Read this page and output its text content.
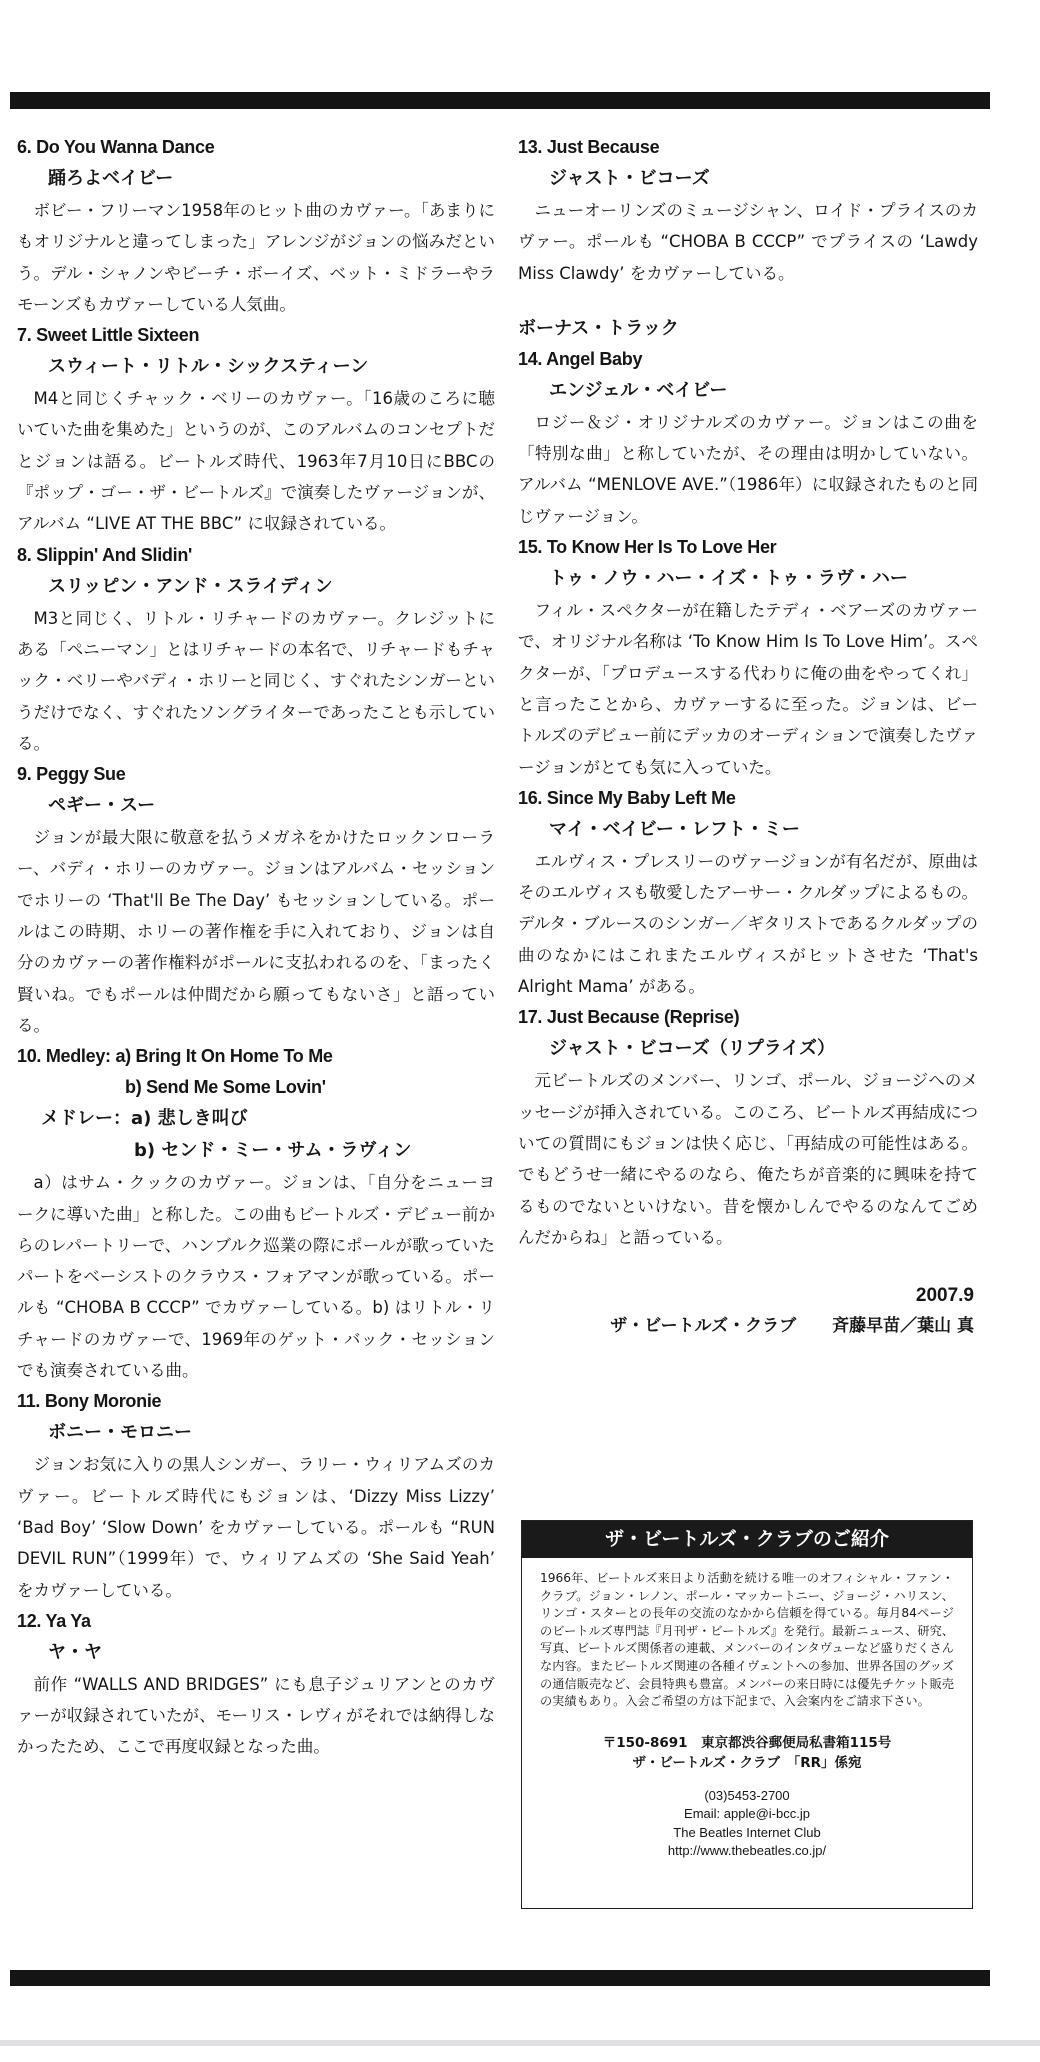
6. Do You Wanna Dance
踊ろよベイビー

ボビー・フリーマン1958年のヒット曲のカヴァー。「あまりにもオリジナルと違ってしまった」アレンジがジョンの悩みだという。デル・シャノンやビーチ・ボーイズ、ベット・ミドラーやラモーンズもカヴァーしている人気曲。

7. Sweet Little Sixteen
スウィート・リトル・シックスティーン

M4と同じくチャック・ベリーのカヴァー。「16歳のころに聴いていた曲を集めた」というのが、このアルバムのコンセプトだとジョンは語る。ビートルズ時代、1963年7月10日にBBCの『ポップ・ゴー・ザ・ビートルズ』で演奏したヴァージョンが、アルバム “LIVE AT THE BBC” に収録されている。

8. Slippin' And Slidin'
スリッピン・アンド・スライディン

M3と同じく、リトル・リチャードのカヴァー。クレジットにある「ペニーマン」とはリチャードの本名で、リチャードもチャック・ベリーやバディ・ホリーと同じく、すぐれたシンガーというだけでなく、すぐれたソングライターであったことも示している。

9. Peggy Sue
ペギー・スー

ジョンが最大限に敬意を払うメガネをかけたロックンローラー、バディ・ホリーのカヴァー。ジョンはアルバム・セッションでホリーの ‘That'll Be The Day’ もセッションしている。ポールはこの時期、ホリーの著作権を手に入れており、ジョンは自分のカヴァーの著作権料がポールに支払われるのを、「まったく賢いね。でもポールは仲間だから願ってもないさ」と語っている。

10. Medley: a) Bring It On Home To Me
b) Send Me Some Lovin'
メドレー：a) 悲しき叫び
b) センド・ミー・サム・ラヴィン

a）はサム・クックのカヴァー。ジョンは、「自分をニューヨークに導いた曲」と称した。この曲もビートルズ・デビュー前からのレパートリーで、ハンブルク巡業の際にポールが歌っていたパートをベーシストのクラウス・フォアマンが歌っている。ポールも “CHOBA B CCCP” でカヴァーしている。b) はリトル・リチャードのカヴァーで、1969年のゲット・バック・セッションでも演奏されている曲。

11. Bony Moronie
ボニー・モロニー

ジョンお気に入りの黒人シンガー、ラリー・ウィリアムズのカヴァー。ビートルズ時代にもジョンは、‘Dizzy Miss Lizzy’ ‘Bad Boy’ ‘Slow Down’ をカヴァーしている。ポールも “RUN DEVIL RUN”（1999年）で、ウィリアムズの ‘She Said Yeah’ をカヴァーしている。

12. Ya Ya
ヤ・ヤ

前作 “WALLS AND BRIDGES” にも息子ジュリアンとのカヴァーが収録されていたが、モーリス・レヴィがそれでは納得しなかったため、ここで再度収録となった曲。

13. Just Because
ジャスト・ビコーズ

ニューオーリンズのミュージシャン、ロイド・プライスのカヴァー。ポールも “CHOBA B CCCP” でプライスの ‘Lawdy Miss Clawdy’ をカヴァーしている。

ボーナス・トラック
14. Angel Baby
エンジェル・ベイビー

ロジー＆ジ・オリジナルズのカヴァー。ジョンはこの曲を「特別な曲」と称していたが、その理由は明かしていない。アルバム “MENLOVE AVE.”（1986年）に収録されたものと同じヴァージョン。

15. To Know Her Is To Love Her
トゥ・ノウ・ハー・イズ・トゥ・ラヴ・ハー

フィル・スペクターが在籍したテディ・ベアーズのカヴァーで、オリジナル名称は ‘To Know Him Is To Love Him’。スペクターが、「プロデュースする代わりに俺の曲をやってくれ」と言ったことから、カヴァーするに至った。ジョンは、ビートルズのデビュー前にデッカのオーディションで演奏したヴァージョンがとても気に入っていた。

16. Since My Baby Left Me
マイ・ベイビー・レフト・ミー

エルヴィス・プレスリーのヴァージョンが有名だが、原曲はそのエルヴィスも敬愛したアーサー・クルダップによるもの。デルタ・ブルースのシンガー／ギタリストであるクルダップの曲のなかにはこれまたエルヴィスがヒットさせた ‘That's Alright Mama’ がある。

17. Just Because (Reprise)
ジャスト・ビコーズ（リプライズ）

元ビートルズのメンバー、リンゴ、ポール、ジョージへのメッセージが挿入されている。このころ、ビートルズ再結成についての質問にもジョンは快く応じ、「再結成の可能性はある。でもどうせ一緒にやるのなら、俺たちが音楽的に興味を持てるものでないといけない。昔を懐かしんでやるのなんてごめんだからね」と語っている。

2007.9
ザ・ビートルズ・クラブ 斉藤早苗／葉山 真
ザ・ビートルズ・クラブのご紹介
1966年、ビートルズ来日より活動を続ける唯一のオフィシャル・ファン・クラブ。ジョン・レノン、ポール・マッカートニー、ジョージ・ハリスン、リンゴ・スターとの長年の交流のなかから信頼を得ている。毎月84ページのビートルズ専門誌『月刊ザ・ビートルズ』を発行。最新ニュース、研究、写真、ビートルズ関係者の連載、メンバーのインタヴューなど盛りだくさんな内容。またビートルズ関連の各種イヴェントへの参加、世界各国のグッズの通信販売など、会員特典も豊富。メンバーの来日時には優先チケット販売の実績もあり。入会ご希望の方は下記まで、入会案内をご請求下さい。
〒150-8691　東京都渋谷郵便局私書箱115号
ザ・ビートルズ・クラブ　「RR」係宛
(03)5453-2700
Email: apple@i-bcc.jp
The Beatles Internet Club
http://www.thebeatles.co.jp/
